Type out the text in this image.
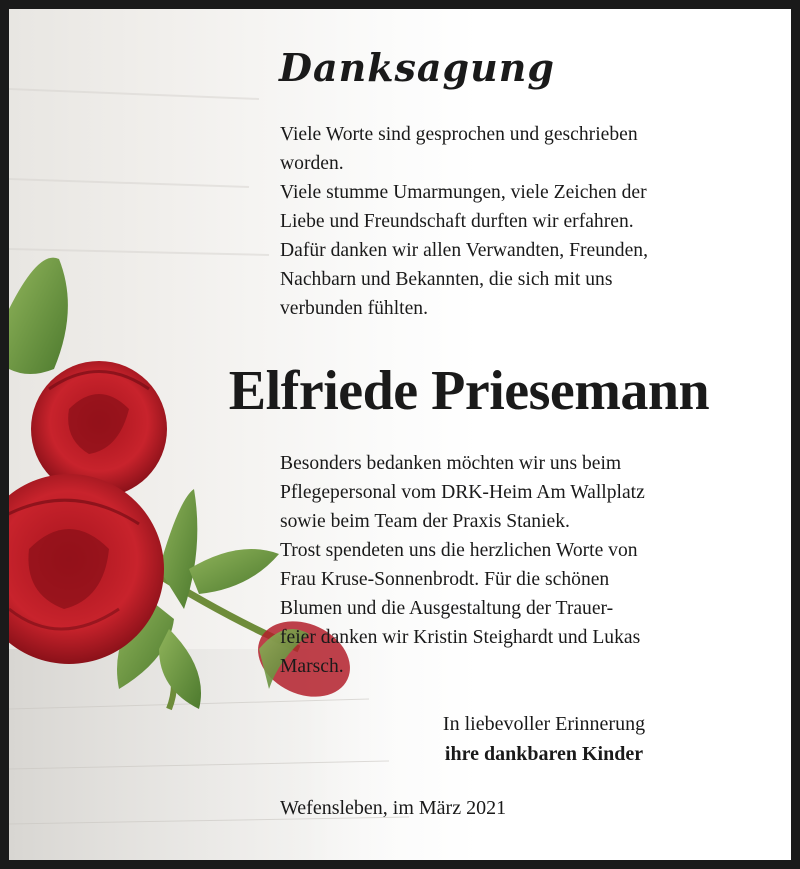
Danksagung
Viele Worte sind gesprochen und geschrieben
worden.
Viele stumme Umarmungen, viele Zeichen der
Liebe und Freundschaft durften wir erfahren.
Dafür danken wir allen Verwandten, Freunden,
Nachbarn und Bekannten, die sich mit uns
verbunden fühlten.
Elfriede Priesemann
Besonders bedanken möchten wir uns beim
Pflegepersonal vom DRK-Heim Am Wallplatz
sowie beim Team der Praxis Staniek.
Trost spendeten uns die herzlichen Worte von
Frau Kruse-Sonnenbrodt. Für die schönen
Blumen und die Ausgestaltung der Trauer-
feier danken wir Kristin Steighardt und Lukas
Marsch.
In liebevoller Erinnerung
ihre dankbaren Kinder
Wefensleben, im März 2021
